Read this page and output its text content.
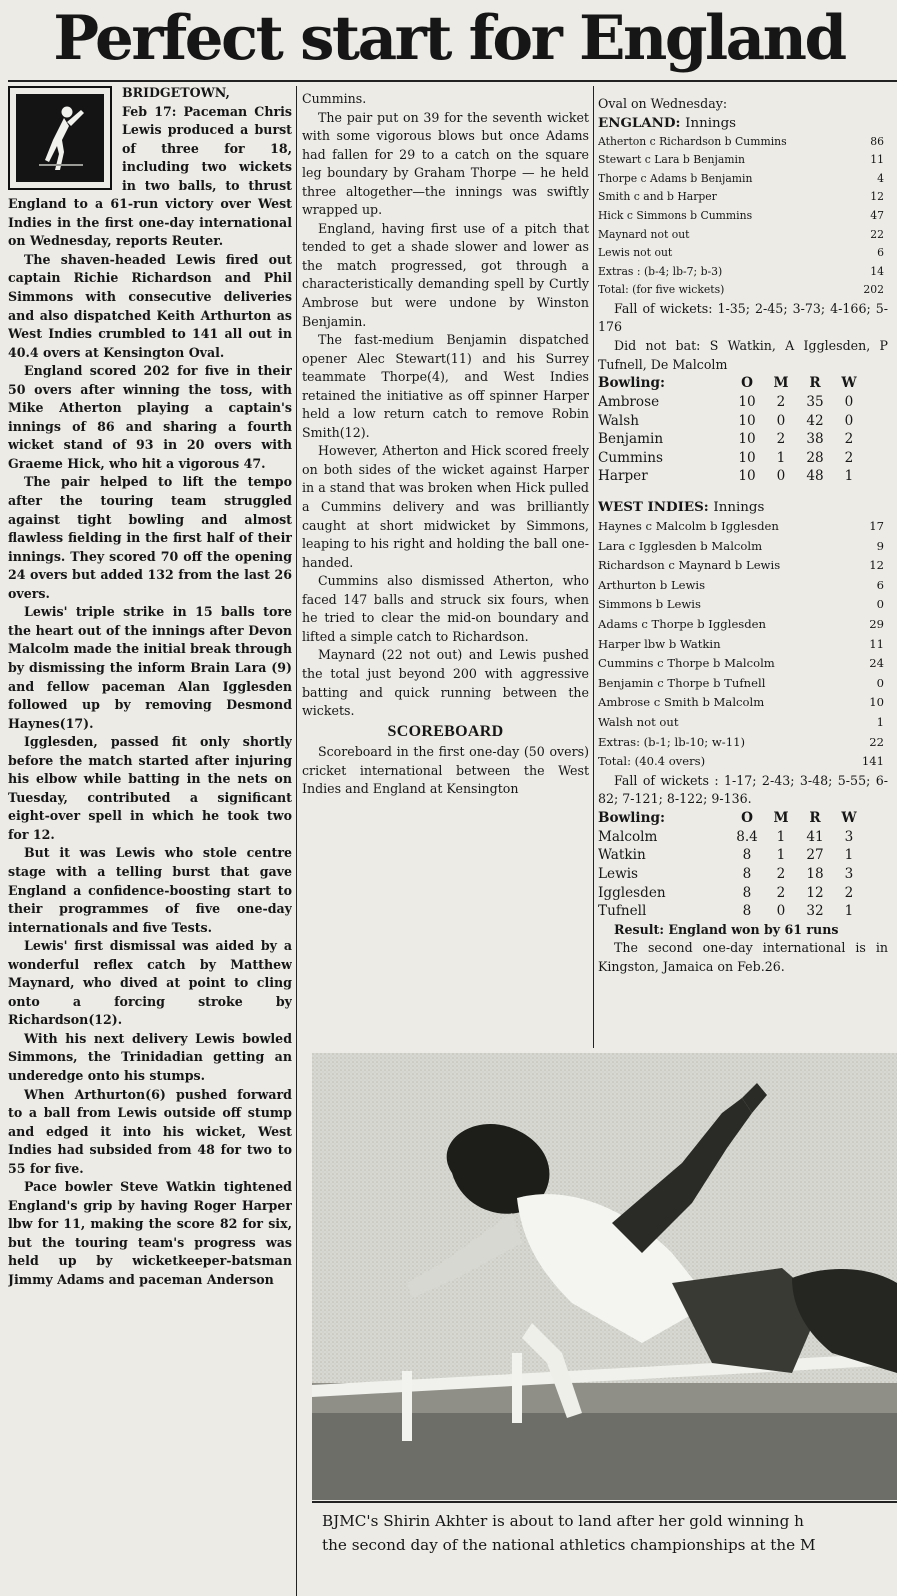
Perfect start for England

BRIDGETOWN,

Feb 17: Paceman Chris Lewis produced a burst of three for 18, including two wickets in two balls, to thrust England to a 61-run victory over West Indies in the first one-day international on Wednesday, reports Reuter.

The shaven-headed Lewis fired out captain Richie Richardson and Phil Simmons with consecutive deliveries and also dispatched Keith Arthurton as West Indies crumbled to 141 all out in 40.4 overs at Kensington Oval.

England scored 202 for five in their 50 overs after winning the toss, with Mike Atherton playing a captain's innings of 86 and sharing a fourth wicket stand of 93 in 20 overs with Graeme Hick, who hit a vigorous 47.

The pair helped to lift the tempo after the touring team struggled against tight bowling and almost flawless fielding in the first half of their innings. They scored 70 off the opening 24 overs but added 132 from the last 26 overs.

Lewis' triple strike in 15 balls tore the heart out of the innings after Devon Malcolm made the initial break through by dismissing the inform Brain Lara (9) and fellow paceman Alan Igglesden followed up by removing Desmond Haynes(17).

Igglesden, passed fit only shortly before the match started after injuring his elbow while batting in the nets on Tuesday, contributed a significant eight-over spell in which he took two for 12.

But it was Lewis who stole centre stage with a telling burst that gave England a confidence-boosting start to their programmes of five one-day internationals and five Tests.

Lewis' first dismissal was aided by a wonderful reflex catch by Matthew Maynard, who dived at point to cling onto a forcing stroke by Richardson(12).

With his next delivery Lewis bowled Simmons, the Trinidadian getting an underedge onto his stumps.

When Arthurton(6) pushed forward to a ball from Lewis outside off stump and edged it into his wicket, West Indies had subsided from 48 for two to 55 for five.

Pace bowler Steve Watkin tightened England's grip by having Roger Harper lbw for 11, making the score 82 for six, but the touring team's progress was held up by wicketkeeper-batsman Jimmy Adams and paceman Anderson

Cummins.

The pair put on 39 for the seventh wicket with some vigorous blows but once Adams had fallen for 29 to a catch on the square leg boundary by Graham Thorpe — he held three altogether—the innings was swiftly wrapped up.

England, having first use of a pitch that tended to get a shade slower and lower as the match progressed, got through a characteristically demanding spell by Curtly Ambrose but were undone by Winston Benjamin.

The fast-medium Benjamin dispatched opener Alec Stewart(11) and his Surrey teammate Thorpe(4), and West Indies retained the initiative as off spinner Harper held a low return catch to remove Robin Smith(12).

However, Atherton and Hick scored freely on both sides of the wicket against Harper in a stand that was broken when Hick pulled a Cummins delivery and was brilliantly caught at short midwicket by Simmons, leaping to his right and holding the ball one-handed.

Cummins also dismissed Atherton, who faced 147 balls and struck six fours, when he tried to clear the mid-on boundary and lifted a simple catch to Richardson.

Maynard (22 not out) and Lewis pushed the total just beyond 200 with aggressive batting and quick running between the wickets.

SCOREBOARD

Scoreboard in the first one-day (50 overs) cricket international between the West Indies and England at Kensington

Oval on Wednesday:

ENGLAND: Innings
Atherton c Richardson b Cummins	86
Stewart c Lara b Benjamin	11
Thorpe c Adams b Benjamin	4
Smith c and b Harper	12
Hick c Simmons b Cummins	47
Maynard not out	22
Lewis not out	6
Extras : (b-4; lb-7; b-3)	14
Total: (for five wickets)	202

Fall of wickets: 1-35; 2-45; 3-73; 4-166; 5-176

Did not bat: S Watkin, A Igglesden, P Tufnell, De Malcolm

Bowling:	O	M	R	W
Ambrose	10	2	35	0
Walsh	10	0	42	0
Benjamin	10	2	38	2
Cummins	10	1	28	2
Harper	10	0	48	1
WEST INDIES: Innings
Haynes c Malcolm b Igglesden	17
Lara c Igglesden b Malcolm	9
Richardson c Maynard b Lewis	12
Arthurton b Lewis	6
Simmons b Lewis	0
Adams c Thorpe b Igglesden	29
Harper lbw b Watkin	11
Cummins c Thorpe b Malcolm	24
Benjamin c Thorpe b Tufnell	0
Ambrose c Smith b Malcolm	10
Walsh not out	1
Extras: (b-1; lb-10; w-11)	22
Total: (40.4 overs)	141

Fall of wickets : 1-17; 2-43; 3-48; 5-55; 6-82; 7-121; 8-122; 9-136.

Bowling:	O	M	R	W
Malcolm	8.4	1	41	3
Watkin	8	1	27	1
Lewis	8	2	18	3
Igglesden	8	2	12	2
Tufnell	8	0	32	1

Result: England won by 61 runs

The second one-day international is in Kingston, Jamaica on Feb.26.

BJMC's Shirin Akhter is about to land after her gold winning h
the second day of the national athletics championships at the M
